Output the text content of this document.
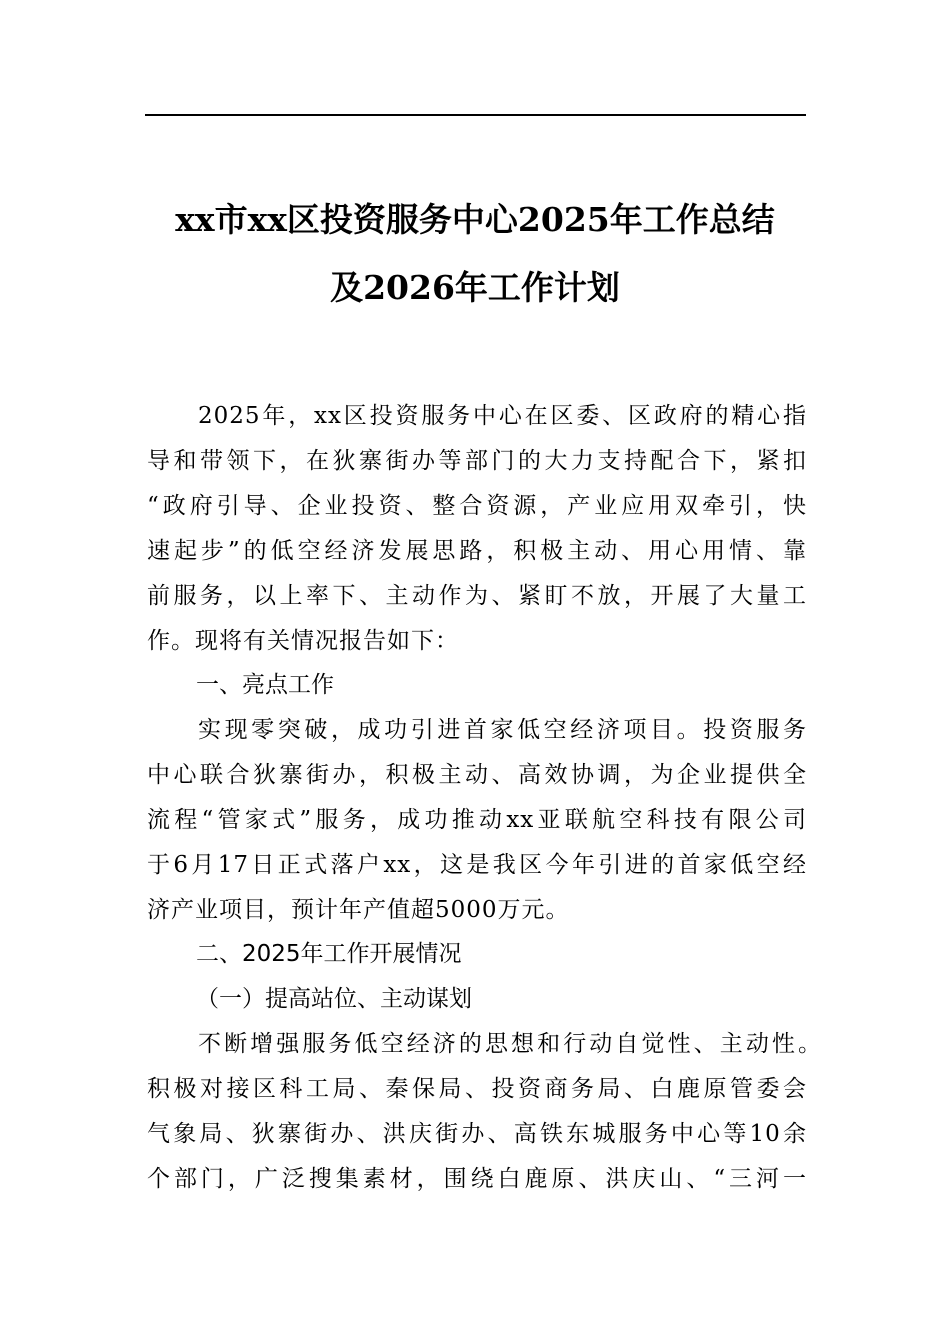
xx市xx区投资服务中心2025年工作总结
及2026年工作计划
2025年，xx区投资服务中心在区委、区政府的精心指
导和带领下，在狄寨街办等部门的大力支持配合下，紧扣
“政府引导、企业投资、整合资源，产业应用双牵引，快
速起步”的低空经济发展思路，积极主动、用心用情、靠
前服务，以上率下、主动作为、紧盯不放，开展了大量工
作。现将有关情况报告如下：
一、亮点工作
实现零突破，成功引进首家低空经济项目。投资服务
中心联合狄寨街办，积极主动、高效协调，为企业提供全
流程“管家式”服务，成功推动xx亚联航空科技有限公司
于6月17日正式落户xx，这是我区今年引进的首家低空经
济产业项目，预计年产值超5000万元。
二、2025年工作开展情况
（一）提高站位、主动谋划
不断增强服务低空经济的思想和行动自觉性、主动性。
积极对接区科工局、秦保局、投资商务局、白鹿原管委会
气象局、狄寨街办、洪庆街办、高铁东城服务中心等10余
个部门，广泛搜集素材，围绕白鹿原、洪庆山、“三河一
